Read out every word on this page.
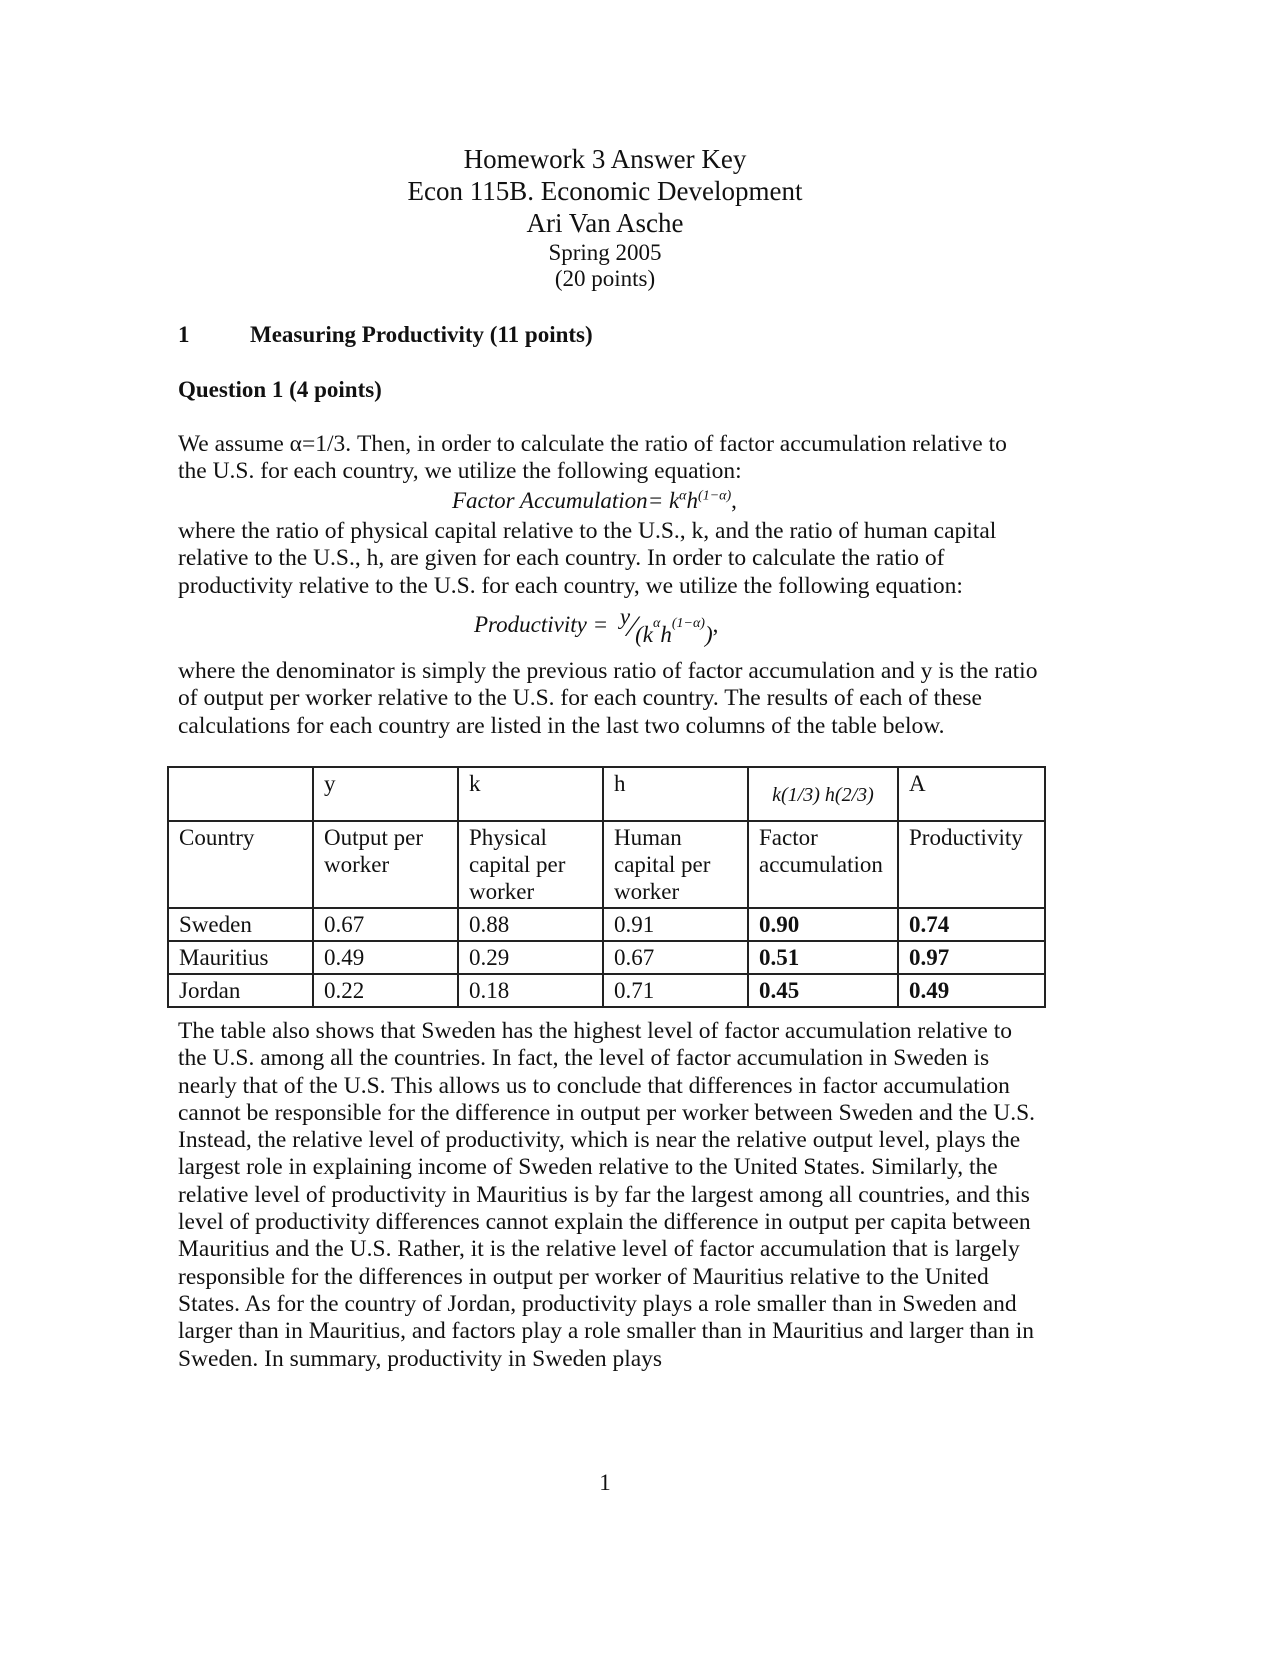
Homework 3 Answer Key
Econ 115B. Economic Development
Ari Van Asche
Spring 2005
(20 points)
1	Measuring Productivity (11 points)
Question 1 (4 points)
We assume α=1/3. Then, in order to calculate the ratio of factor accumulation relative to the U.S. for each country, we utilize the following equation:
Factor Accumulation= $k^\alpha h^{(1-\alpha)}$,
where the ratio of physical capital relative to the U.S., k, and the ratio of human capital relative to the U.S., h, are given for each country. In order to calculate the ratio of productivity relative to the U.S. for each country, we utilize the following equation:
Productivity = $y⁄(k^\alpha h^{(1-\alpha)})$,
where the denominator is simply the previous ratio of factor accumulation and y is the ratio of output per worker relative to the U.S. for each country. The results of each of these calculations for each country are listed in the last two columns of the table below.
	y	k	h	k(1/3) h(2/3)	A
Country	Output per worker	Physical capital per worker	Human capital per worker	Factor accumulation	Productivity
Sweden	0.67	0.88	0.91	0.90	0.74
Mauritius	0.49	0.29	0.67	0.51	0.97
Jordan	0.22	0.18	0.71	0.45	0.49
The table also shows that Sweden has the highest level of factor accumulation relative to the U.S. among all the countries. In fact, the level of factor accumulation in Sweden is nearly that of the U.S. This allows us to conclude that differences in factor accumulation cannot be responsible for the difference in output per worker between Sweden and the U.S. Instead, the relative level of productivity, which is near the relative output level, plays the largest role in explaining income of Sweden relative to the United States. Similarly, the relative level of productivity in Mauritius is by far the largest among all countries, and this level of productivity differences cannot explain the difference in output per capita between Mauritius and the U.S. Rather, it is the relative level of factor accumulation that is largely responsible for the differences in output per worker of Mauritius relative to the United States. As for the country of Jordan, productivity plays a role smaller than in Sweden and larger than in Mauritius, and factors play a role smaller than in Mauritius and larger than in Sweden. In summary, productivity in Sweden plays
1
